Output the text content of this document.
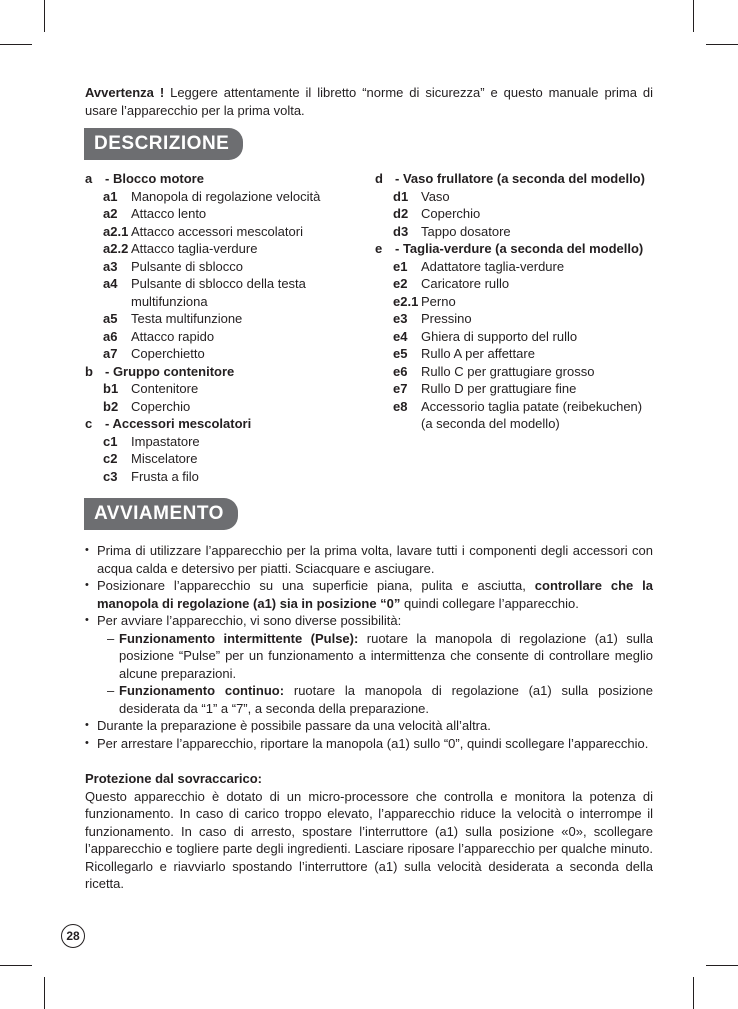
Avvertenza ! Leggere attentamente il libretto “norme di sicurezza” e questo manuale prima di usare l’apparecchio per la prima volta.

DESCRIZIONE
a - Blocco motore
a1	Manopola di regolazione velocità
a2	Attacco lento
a2.1 Attacco accessori mescolatori
a2.2 Attacco taglia-verdure
a3	Pulsante di sblocco
a4	Pulsante di sblocco della testa multifunziona
a5	Testa multifunzione
a6	Attacco rapido
a7	Coperchietto
b - Gruppo contenitore
b1 Contenitore
b2 Coperchio
c - Accessori mescolatori
c1	Impastatore
c2	Miscelatore
c3	Frusta a filo
d - Vaso frullatore (a seconda del modello)
d1 Vaso
d2 Coperchio
d3 Tappo dosatore
e - Taglia-verdure (a seconda del modello)
e1	Adattatore taglia-verdure
e2	Caricatore rullo
e2.1 Perno
e3	Pressino
e4	Ghiera di supporto del rullo
e5	Rullo A per affettare
e6	Rullo C per grattugiare grosso
e7	Rullo D per grattugiare fine
e8	Accessorio taglia patate (reibekuchen) (a seconda del modello)
AVVIAMENTO
• Prima di utilizzare l’apparecchio per la prima volta, lavare tutti i componenti degli accessori con acqua calda e detersivo per piatti. Sciacquare e asciugare.
• Posizionare l’apparecchio su una superficie piana, pulita e asciutta, controllare che la manopola di regolazione (a1) sia in posizione “0” quindi collegare l’apparecchio.
• Per avviare l’apparecchio, vi sono diverse possibilità:
– Funzionamento intermittente (Pulse): ruotare la manopola di regolazione (a1) sulla posizione “Pulse” per un funzionamento a intermittenza che consente di controllare meglio alcune preparazioni.
– Funzionamento continuo: ruotare la manopola di regolazione (a1) sulla posizione desiderata da “1” a “7”, a seconda della preparazione.
• Durante la preparazione è possibile passare da una velocità all’altra.
• Per arrestare l’apparecchio, riportare la manopola (a1) sullo “0”, quindi scollegare l’apparecchio.
Protezione dal sovraccarico:

Questo apparecchio è dotato di un micro-processore che controlla e monitora la potenza di funzionamento. In caso di carico troppo elevato, l’apparecchio riduce la velocità o interrompe il funzionamento. In caso di arresto, spostare l’interruttore (a1) sulla posizione «0», scollegare l’apparecchio e togliere parte degli ingredienti. Lasciare riposare l’apparecchio per qualche minuto. Ricollegarlo e riavviarlo spostando l’interruttore (a1) sulla velocità desiderata a seconda della ricetta.

28
